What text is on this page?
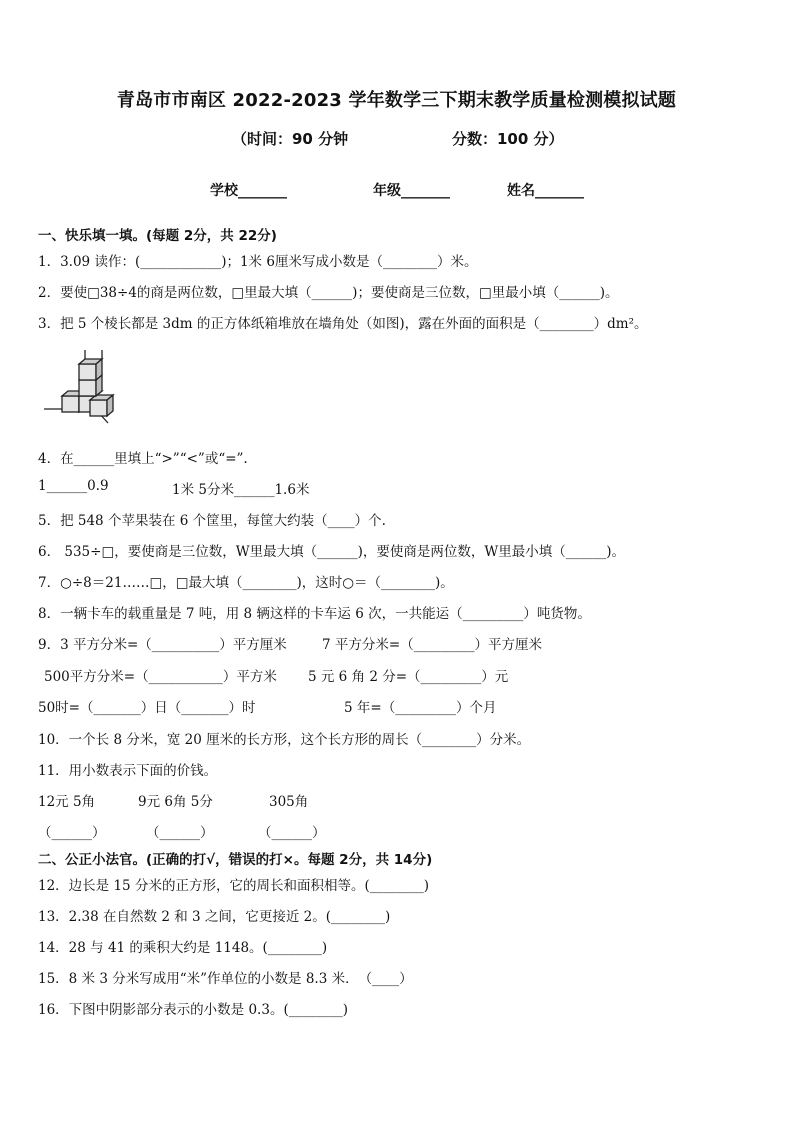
青岛市市南区 2022-2023 学年数学三下期末教学质量检测模拟试题
（时间：90 分钟	分数：100 分）
学校_______	年级_______	姓名_______
一、快乐填一填。(每题 2分，共 22分)
1．3.09 读作：(____________)；1米 6厘米写成小数是（________）米。
2．要使□38÷4的商是两位数，□里最大填（______)；要使商是三位数，□里最小填（______)。
3．把 5 个棱长都是 3dm 的正方体纸箱堆放在墙角处（如图)，露在外面的面积是（________）dm²。
4．在______里填上“>”“<”或“=”.
1______0.9	1米 5分米______1.6米
5．把 548 个苹果装在 6 个筐里，每筐大约装（____）个.
6． 535÷□，要使商是三位数，W里最大填（______)，要使商是两位数，W里最小填（______)。
7．○÷8＝21……□，□最大填（________)，这时○＝（________)。
8．一辆卡车的载重量是 7 吨，用 8 辆这样的卡车运 6 次，一共能运（_________）吨货物。
9．3 平方分米=（__________）平方厘米	7 平方分米=（_________）平方厘米
500平方分米=（___________）平方米 5 元 6 角 2 分=（_________）元
50时=（_______）日（_______）时	5 年=（_________）个月
10．一个长 8 分米，宽 20 厘米的长方形，这个长方形的周长（________）分米。
11．用小数表示下面的价钱。
12元 5角	9元 6角 5分	305角
（______）	（______）	（______）
二、公正小法官。(正确的打√，错误的打×。每题 2分，共 14分)
12．边长是 15 分米的正方形，它的周长和面积相等。(________)
13．2.38 在自然数 2 和 3 之间，它更接近 2。(________)
14．28 与 41 的乘积大约是 1148。(________)
15．8 米 3 分米写成用“米”作单位的小数是 8.3 米．　（____）
16．下图中阴影部分表示的小数是 0.3。(________)
